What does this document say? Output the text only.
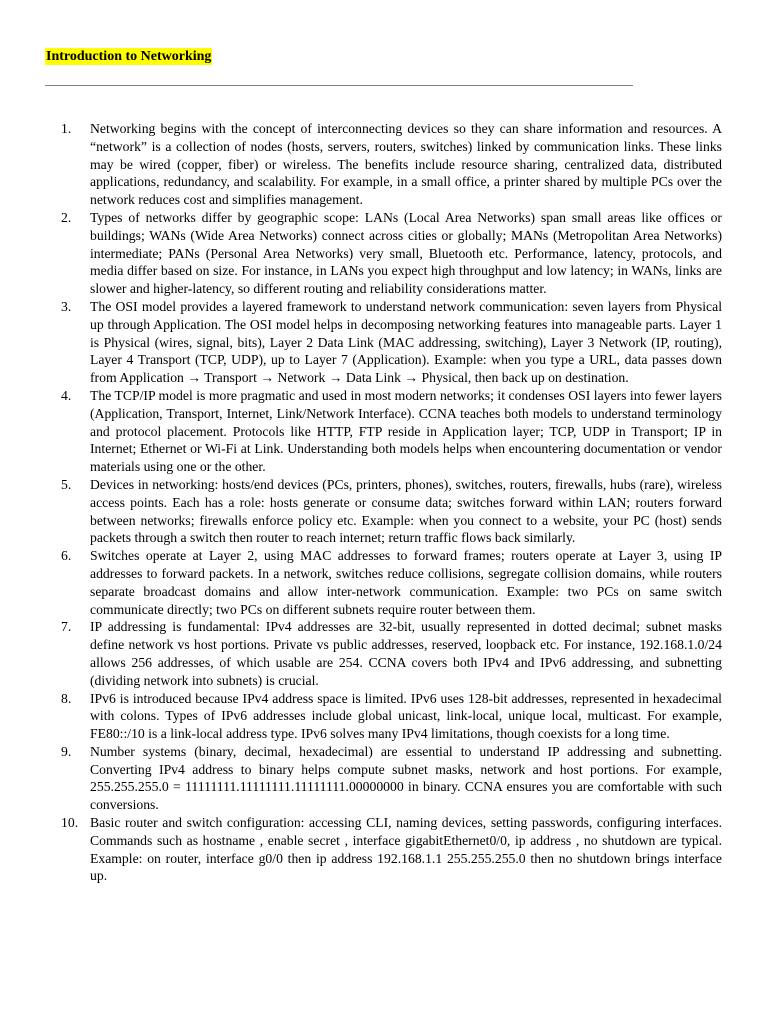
Introduction to Networking
1.	Networking begins with the concept of interconnecting devices so they can share information and resources. A “network” is a collection of nodes (hosts, servers, routers, switches) linked by communication links. These links may be wired (copper, fiber) or wireless. The benefits include resource sharing, centralized data, distributed applications, redundancy, and scalability. For example, in a small office, a printer shared by multiple PCs over the network reduces cost and simplifies management.
2.	Types of networks differ by geographic scope: LANs (Local Area Networks) span small areas like offices or buildings; WANs (Wide Area Networks) connect across cities or globally; MANs (Metropolitan Area Networks) intermediate; PANs (Personal Area Networks) very small, Bluetooth etc. Performance, latency, protocols, and media differ based on size. For instance, in LANs you expect high throughput and low latency; in WANs, links are slower and higher-latency, so different routing and reliability considerations matter.
3.	The OSI model provides a layered framework to understand network communication: seven layers from Physical up through Application. The OSI model helps in decomposing networking features into manageable parts. Layer 1 is Physical (wires, signal, bits), Layer 2 Data Link (MAC addressing, switching), Layer 3 Network (IP, routing), Layer 4 Transport (TCP, UDP), up to Layer 7 (Application). Example: when you type a URL, data passes down from Application → Transport → Network → Data Link → Physical, then back up on destination.
4.	The TCP/IP model is more pragmatic and used in most modern networks; it condenses OSI layers into fewer layers (Application, Transport, Internet, Link/Network Interface). CCNA teaches both models to understand terminology and protocol placement. Protocols like HTTP, FTP reside in Application layer; TCP, UDP in Transport; IP in Internet; Ethernet or Wi-Fi at Link. Understanding both models helps when encountering documentation or vendor materials using one or the other.
5.	Devices in networking: hosts/end devices (PCs, printers, phones), switches, routers, firewalls, hubs (rare), wireless access points. Each has a role: hosts generate or consume data; switches forward within LAN; routers forward between networks; firewalls enforce policy etc. Example: when you connect to a website, your PC (host) sends packets through a switch then router to reach internet; return traffic flows back similarly.
6.	Switches operate at Layer 2, using MAC addresses to forward frames; routers operate at Layer 3, using IP addresses to forward packets. In a network, switches reduce collisions, segregate collision domains, while routers separate broadcast domains and allow inter-network communication. Example: two PCs on same switch communicate directly; two PCs on different subnets require router between them.
7.	IP addressing is fundamental: IPv4 addresses are 32-bit, usually represented in dotted decimal; subnet masks define network vs host portions. Private vs public addresses, reserved, loopback etc. For instance, 192.168.1.0/24 allows 256 addresses, of which usable are 254. CCNA covers both IPv4 and IPv6 addressing, and subnetting (dividing network into subnets) is crucial.
8.	IPv6 is introduced because IPv4 address space is limited. IPv6 uses 128-bit addresses, represented in hexadecimal with colons. Types of IPv6 addresses include global unicast, link-local, unique local, multicast. For example, FE80::/10 is a link-local address type. IPv6 solves many IPv4 limitations, though coexists for a long time.
9.	Number systems (binary, decimal, hexadecimal) are essential to understand IP addressing and subnetting. Converting IPv4 address to binary helps compute subnet masks, network and host portions. For example, 255.255.255.0 = 11111111.11111111.11111111.00000000 in binary. CCNA ensures you are comfortable with such conversions.
10. Basic router and switch configuration: accessing CLI, naming devices, setting passwords, configuring interfaces. Commands such as hostname , enable secret , interface gigabitEthernet0/0, ip address , no shutdown are typical. Example: on router, interface g0/0 then ip address 192.168.1.1 255.255.255.0 then no shutdown brings interface up.
